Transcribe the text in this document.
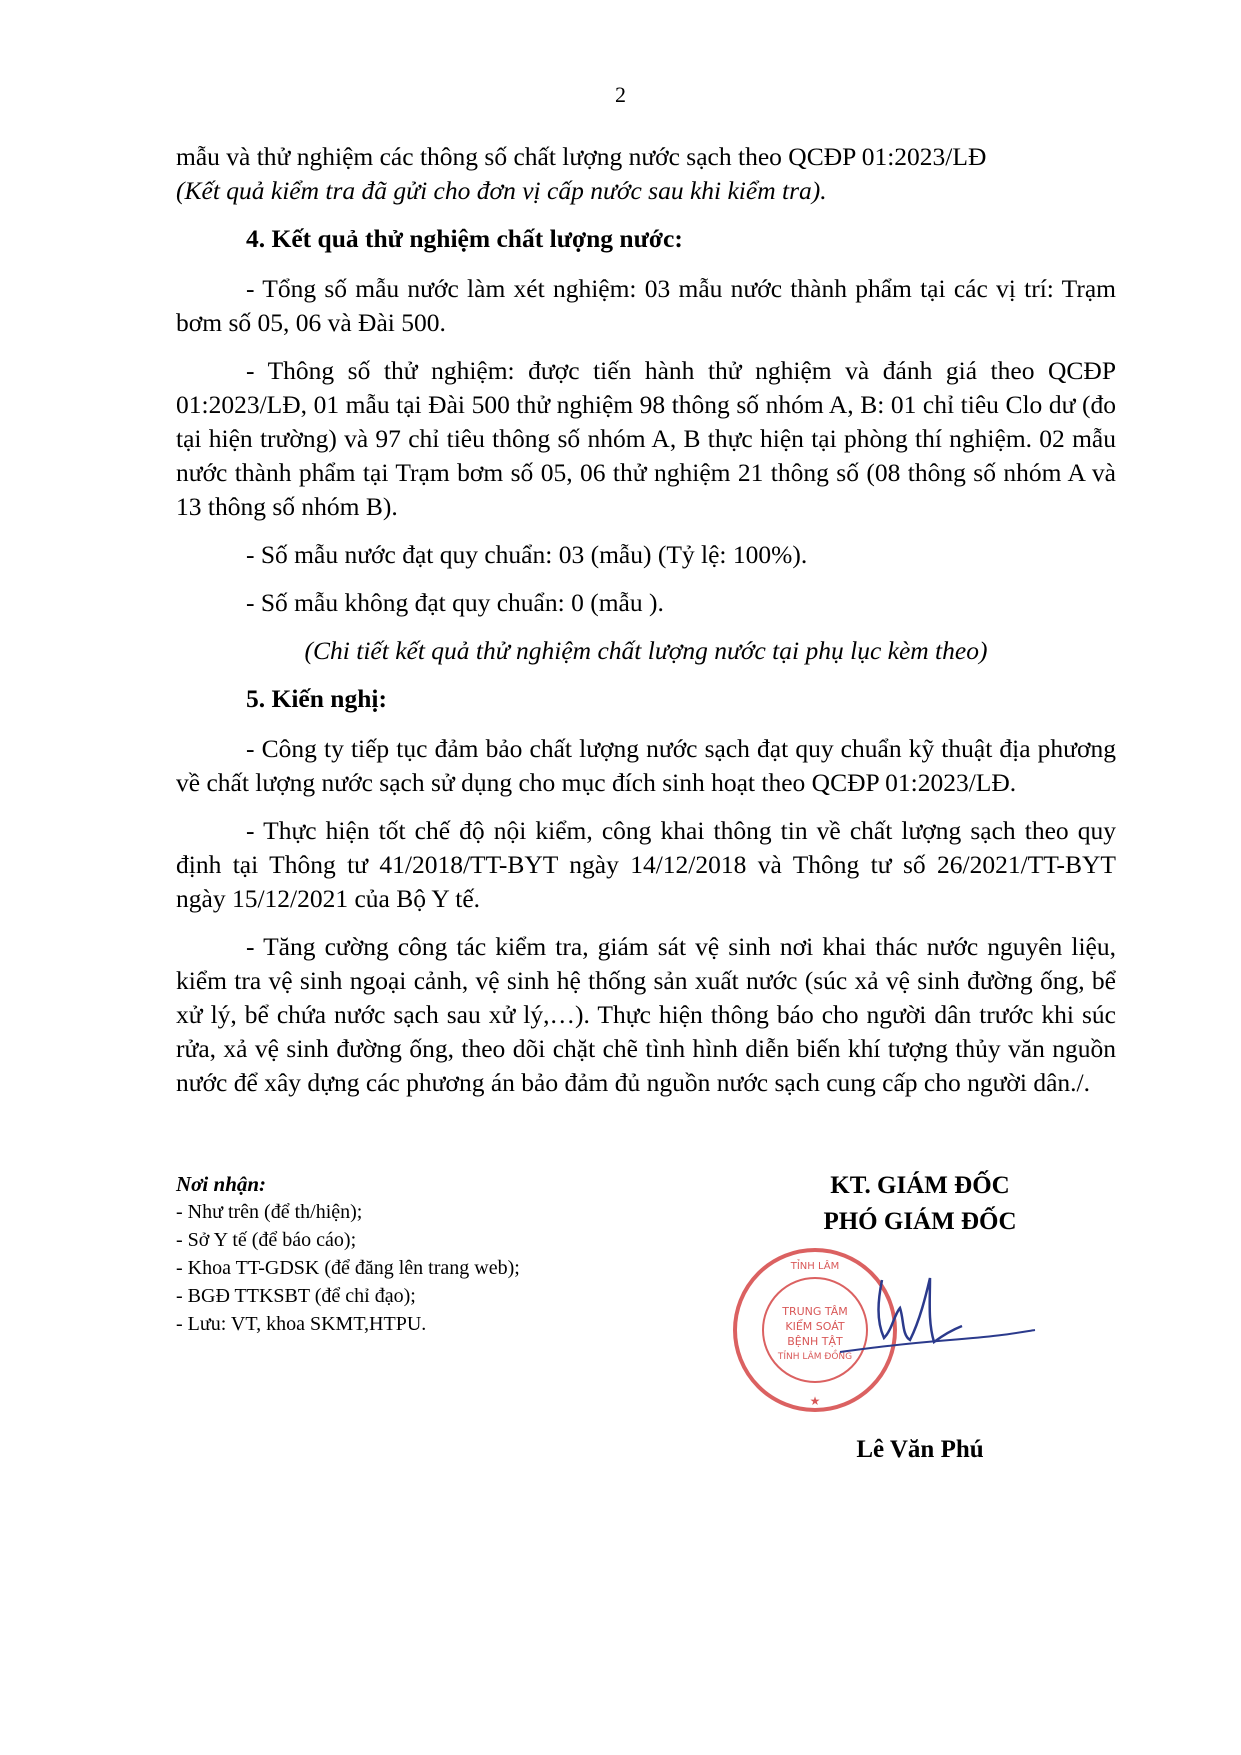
2

mẫu và thử nghiệm các thông số chất lượng nước sạch theo QCĐP 01:2023/LĐ

(Kết quả kiểm tra đã gửi cho đơn vị cấp nước sau khi kiểm tra).

4. Kết quả thử nghiệm chất lượng nước:

- Tổng số mẫu nước làm xét nghiệm: 03 mẫu nước thành phẩm tại các vị trí: Trạm bơm số 05, 06 và Đài 500.

- Thông số thử nghiệm: được tiến hành thử nghiệm và đánh giá theo QCĐP 01:2023/LĐ, 01 mẫu tại Đài 500 thử nghiệm 98 thông số nhóm A, B: 01 chỉ tiêu Clo dư (đo tại hiện trường) và 97 chỉ tiêu thông số nhóm A, B thực hiện tại phòng thí nghiệm. 02 mẫu nước thành phẩm tại Trạm bơm số 05, 06 thử nghiệm 21 thông số (08 thông số nhóm A và 13 thông số nhóm B).

- Số mẫu nước đạt quy chuẩn: 03 (mẫu) (Tỷ lệ: 100%).

- Số mẫu không đạt quy chuẩn: 0 (mẫu ).

(Chi tiết kết quả thử nghiệm chất lượng nước tại phụ lục kèm theo)

5. Kiến nghị:

- Công ty tiếp tục đảm bảo chất lượng nước sạch đạt quy chuẩn kỹ thuật địa phương về chất lượng nước sạch sử dụng cho mục đích sinh hoạt theo QCĐP 01:2023/LĐ.

- Thực hiện tốt chế độ nội kiểm, công khai thông tin về chất lượng sạch theo quy định tại Thông tư 41/2018/TT-BYT ngày 14/12/2018 và Thông tư số 26/2021/TT-BYT ngày 15/12/2021 của Bộ Y tế.

- Tăng cường công tác kiểm tra, giám sát vệ sinh nơi khai thác nước nguyên liệu, kiểm tra vệ sinh ngoại cảnh, vệ sinh hệ thống sản xuất nước (súc xả vệ sinh đường ống, bể xử lý, bể chứa nước sạch sau xử lý,…). Thực hiện thông báo cho người dân trước khi súc rửa, xả vệ sinh đường ống, theo dõi chặt chẽ tình hình diễn biến khí tượng thủy văn nguồn nước để xây dựng các phương án bảo đảm đủ nguồn nước sạch cung cấp cho người dân./.

Nơi nhận:
- Như trên (để th/hiện);
- Sở Y tế (để báo cáo);
- Khoa TT-GDSK (để đăng lên trang web);
- BGĐ TTKSBT (để chỉ đạo);
- Lưu: VT, khoa SKMT,HTPU.
KT. GIÁM ĐỐC
PHÓ GIÁM ĐỐC
TRUNG TÂM
KIỂM SOÁT
BỆNH TẬT
TỈNH LÂM ĐỒNG
TỈNH LÂM
★
Lê Văn Phú
